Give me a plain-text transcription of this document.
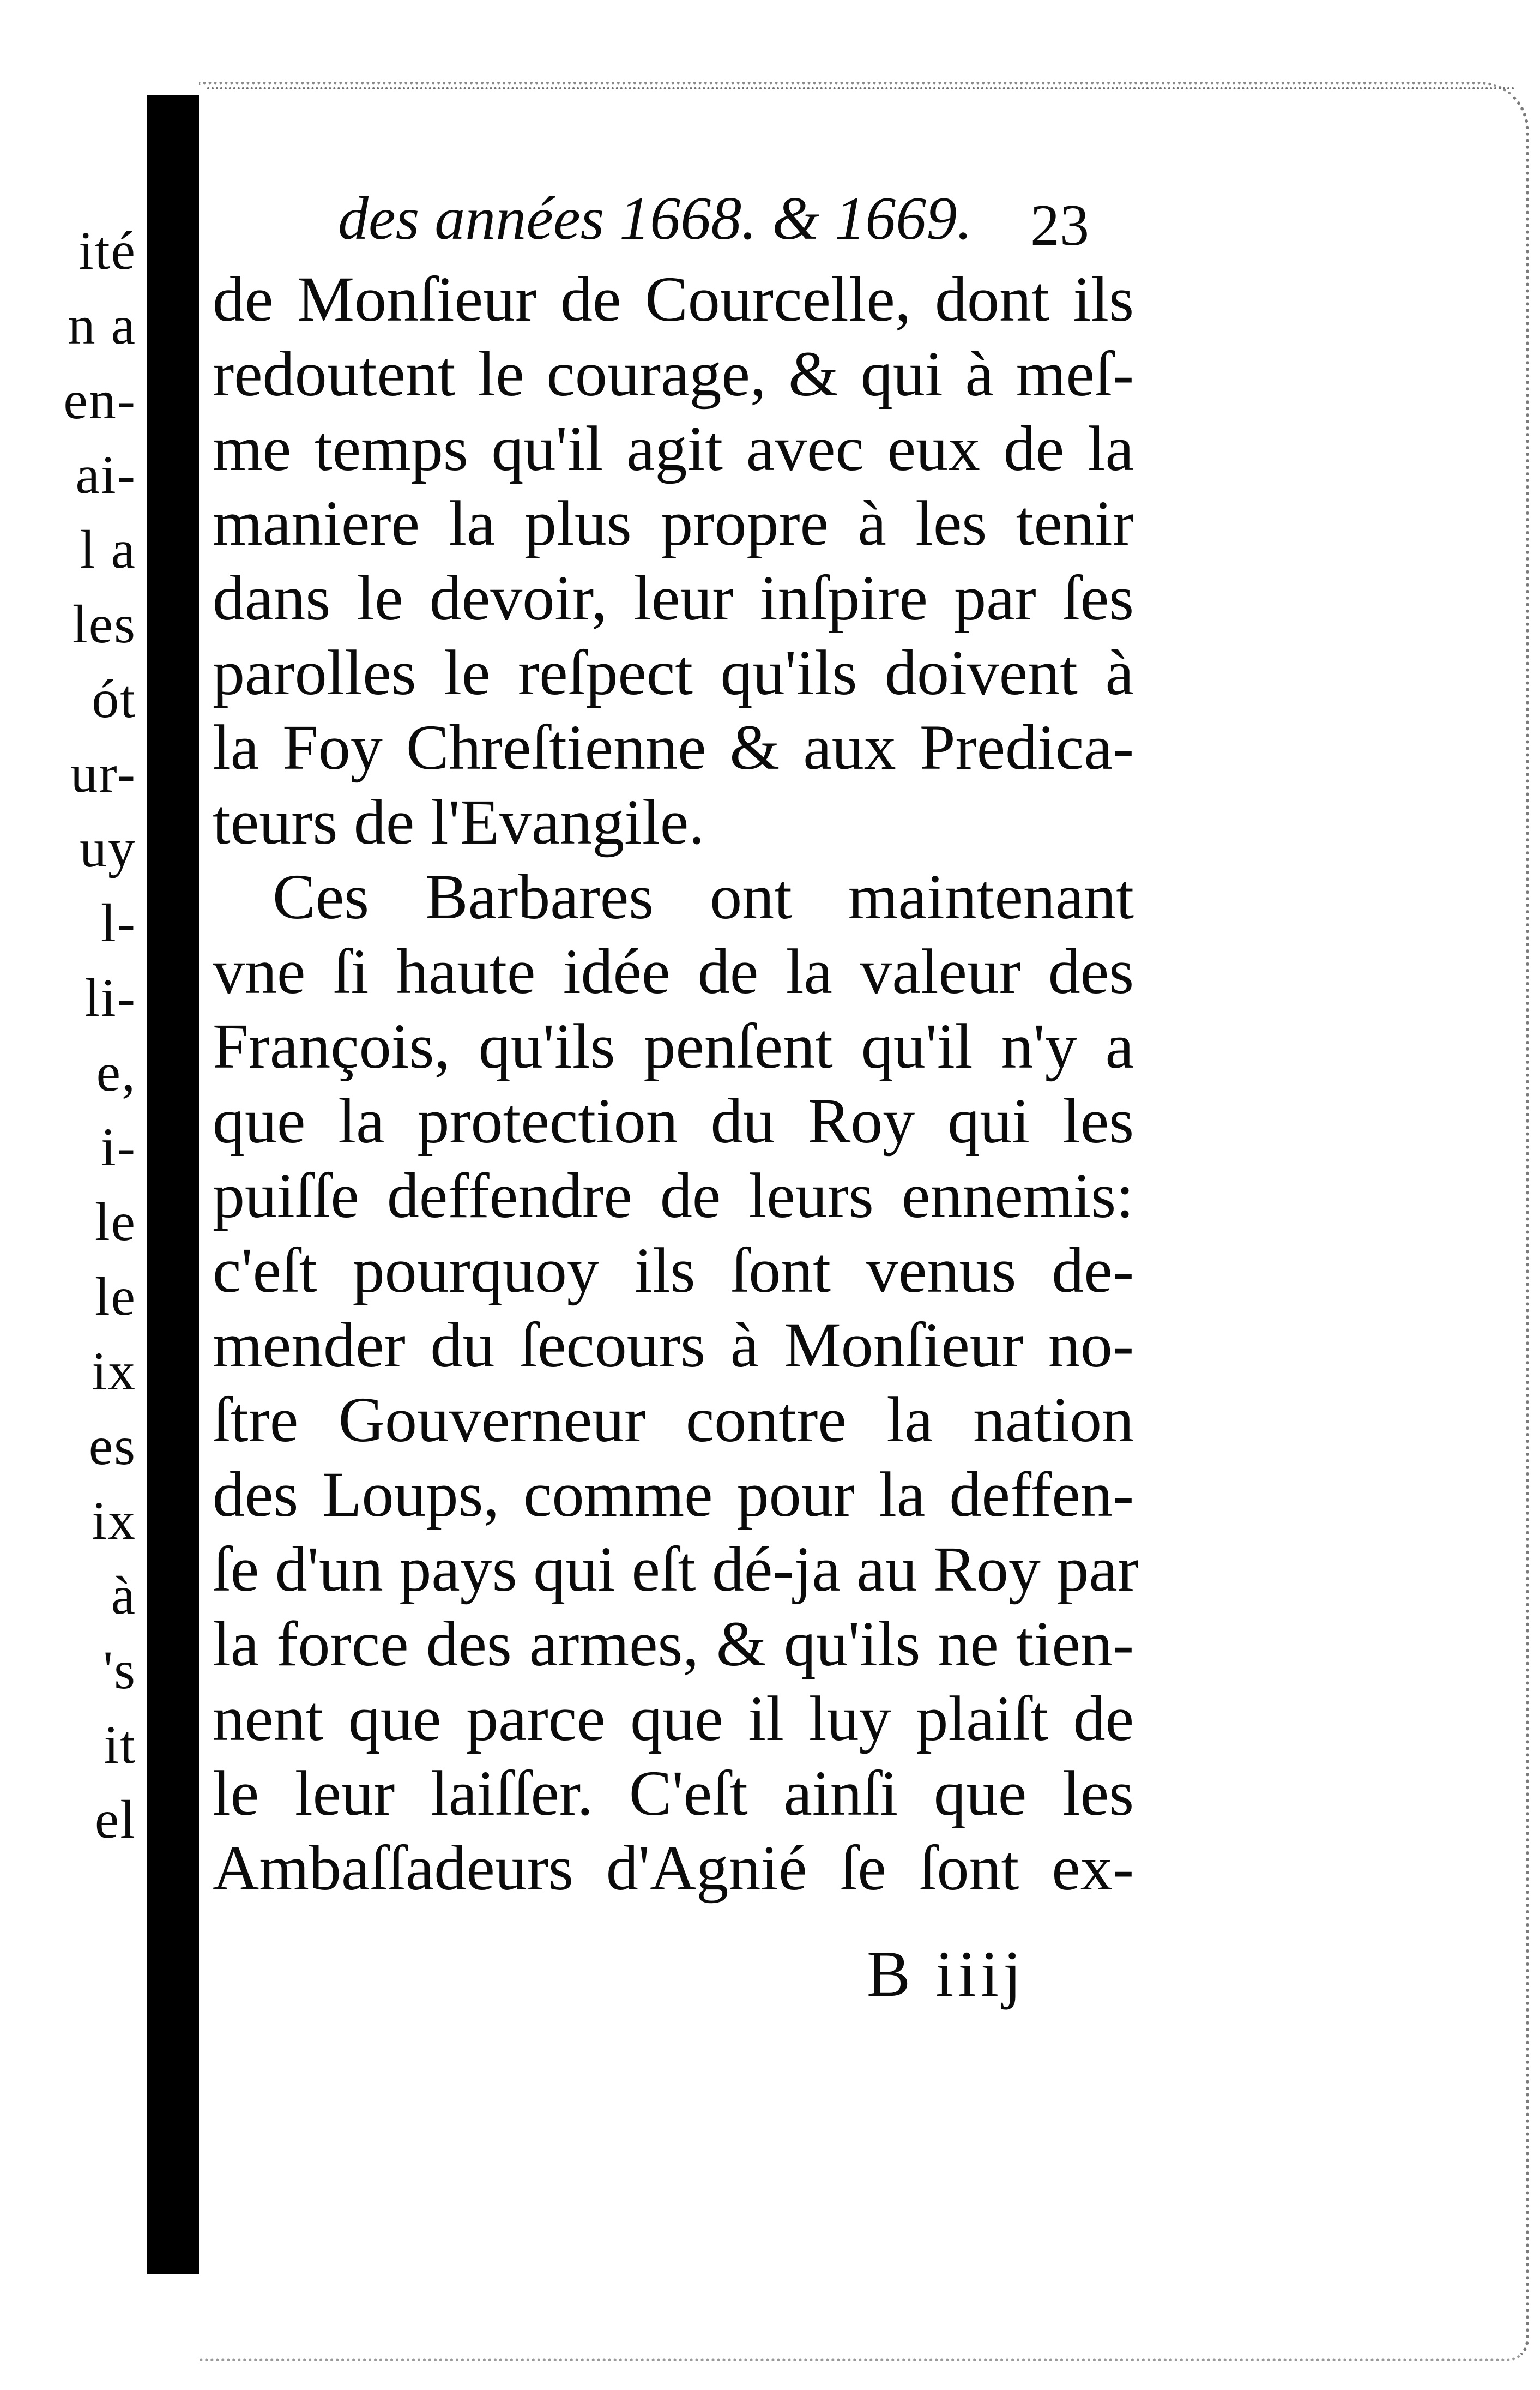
ité
n a
en-
ai-
l a
les
ót
ur-
uy
l-
li-
e,
i-
le
le
ix
es
ix
à
's
it
el
des années 1668. & 1669. 23
de Monſieur de Courcelle, dont ils
redoutent le courage, & qui à meſ-
me temps qu'il agit avec eux de la
maniere la plus propre à les tenir
dans le devoir, leur inſpire par ſes
parolles le reſpect qu'ils doivent à
la Foy Chreſtienne & aux Predica-
teurs de l'Evangile.
Ces Barbares ont maintenant
vne ſi haute idée de la valeur des
François, qu'ils penſent qu'il n'y a
que la protection du Roy qui les
puiſſe deffendre de leurs ennemis:
c'eſt pourquoy ils ſont venus de-
mender du ſecours à Monſieur no-
ſtre Gouverneur contre la nation
des Loups, comme pour la deffen-
ſe d'un pays qui eſt dé-ja au Roy par
la force des armes, & qu'ils ne tien-
nent que parce que il luy plaiſt de
le leur laiſſer. C'eſt ainſi que les
Ambaſſadeurs d'Agnié ſe ſont ex-
B iiij
